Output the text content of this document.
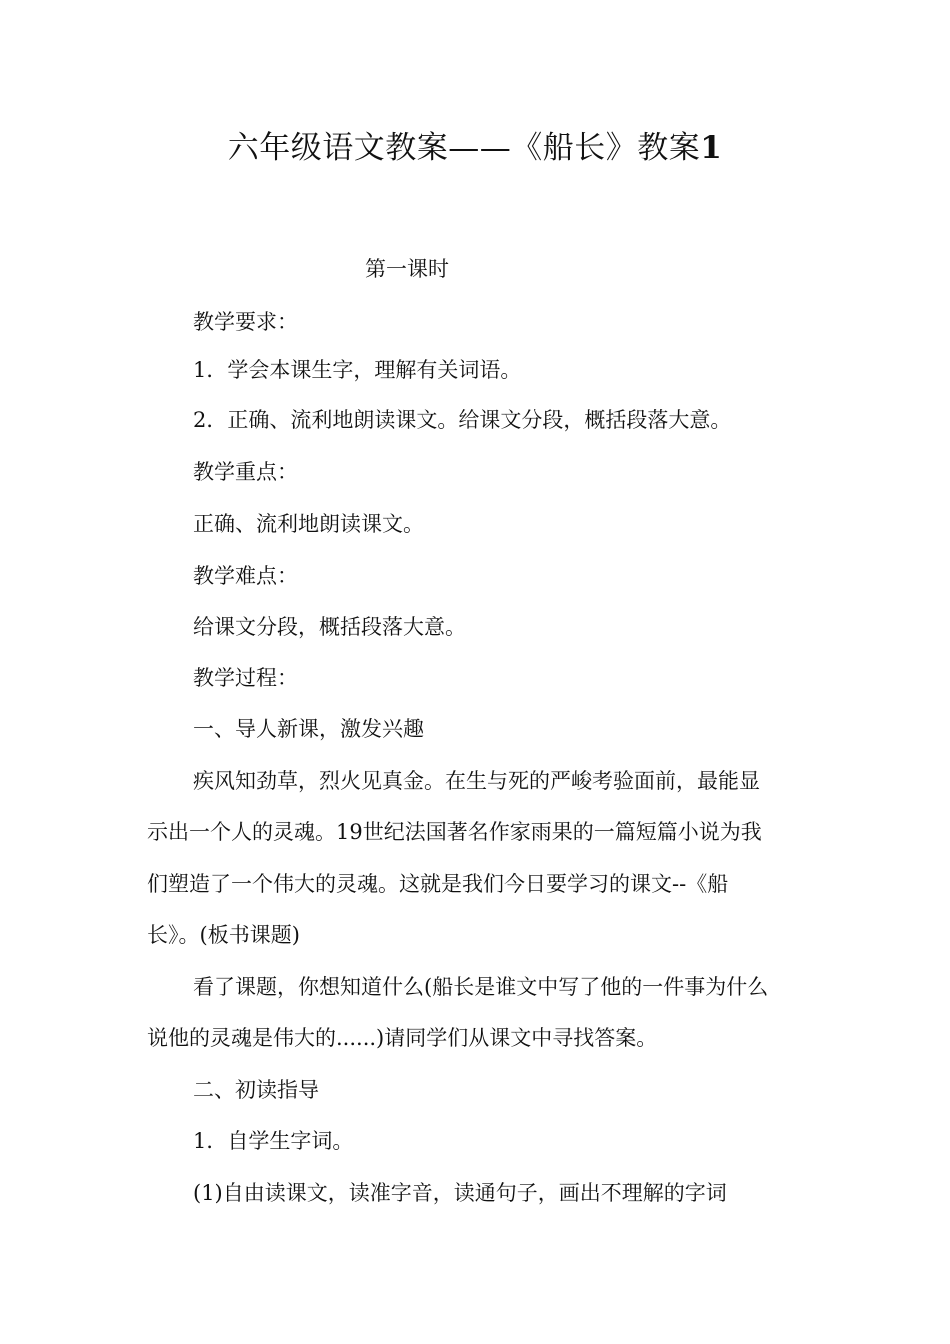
六年级语文教案——《船长》教案1
第一课时
教学要求：
1．学会本课生字，理解有关词语。
2．正确、流利地朗读课文。给课文分段，概括段落大意。
教学重点：
正确、流利地朗读课文。
教学难点：
给课文分段，概括段落大意。
教学过程：
一、导人新课，激发兴趣
疾风知劲草，烈火见真金。在生与死的严峻考验面前，最能显
示出一个人的灵魂。19世纪法国著名作家雨果的一篇短篇小说为我
们塑造了一个伟大的灵魂。这就是我们今日要学习的课文--《船
长》。(板书课题)
看了课题，你想知道什么(船长是谁文中写了他的一件事为什么
说他的灵魂是伟大的......)请同学们从课文中寻找答案。
二、初读指导
1．自学生字词。
(1)自由读课文，读准字音，读通句子，画出不理解的字词
